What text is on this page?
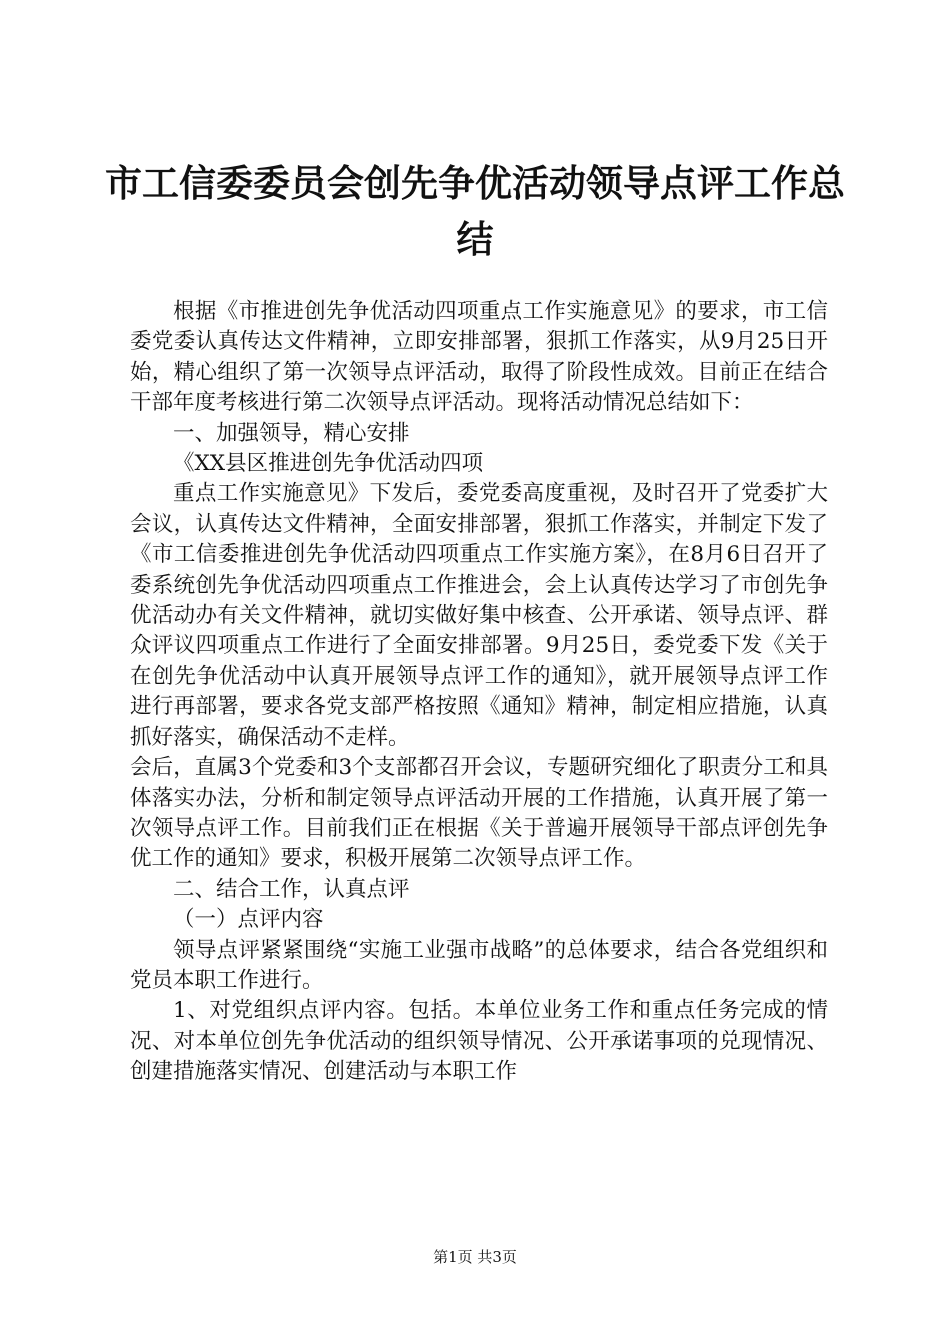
市工信委委员会创先争优活动领导点评工作总
结

根据《市推进创先争优活动四项重点工作实施意见》的要求，市工信委党委认真传达文件精神，立即安排部署，狠抓工作落实，从9月25日开始，精心组织了第一次领导点评活动，取得了阶段性成效。目前正在结合干部年度考核进行第二次领导点评活动。现将活动情况总结如下：

一、加强领导，精心安排

《XX县区推进创先争优活动四项

重点工作实施意见》下发后，委党委高度重视，及时召开了党委扩大会议，认真传达文件精神，全面安排部署，狠抓工作落实，并制定下发了《市工信委推进创先争优活动四项重点工作实施方案》，在8月6日召开了委系统创先争优活动四项重点工作推进会，会上认真传达学习了市创先争优活动办有关文件精神，就切实做好集中核查、公开承诺、领导点评、群众评议四项重点工作进行了全面安排部署。9月25日，委党委下发《关于在创先争优活动中认真开展领导点评工作的通知》，就开展领导点评工作进行再部署，要求各党支部严格按照《通知》精神，制定相应措施，认真抓好落实，确保活动不走样。

会后，直属3个党委和3个支部都召开会议，专题研究细化了职责分工和具体落实办法，分析和制定领导点评活动开展的工作措施，认真开展了第一次领导点评工作。目前我们正在根据《关于普遍开展领导干部点评创先争优工作的通知》要求，积极开展第二次领导点评工作。

二、结合工作，认真点评

（一）点评内容

领导点评紧紧围绕“实施工业强市战略”的总体要求，结合各党组织和党员本职工作进行。

1、对党组织点评内容。包括。本单位业务工作和重点任务完成的情况、对本单位创先争优活动的组织领导情况、公开承诺事项的兑现情况、创建措施落实情况、创建活动与本职工作

第1页 共3页
